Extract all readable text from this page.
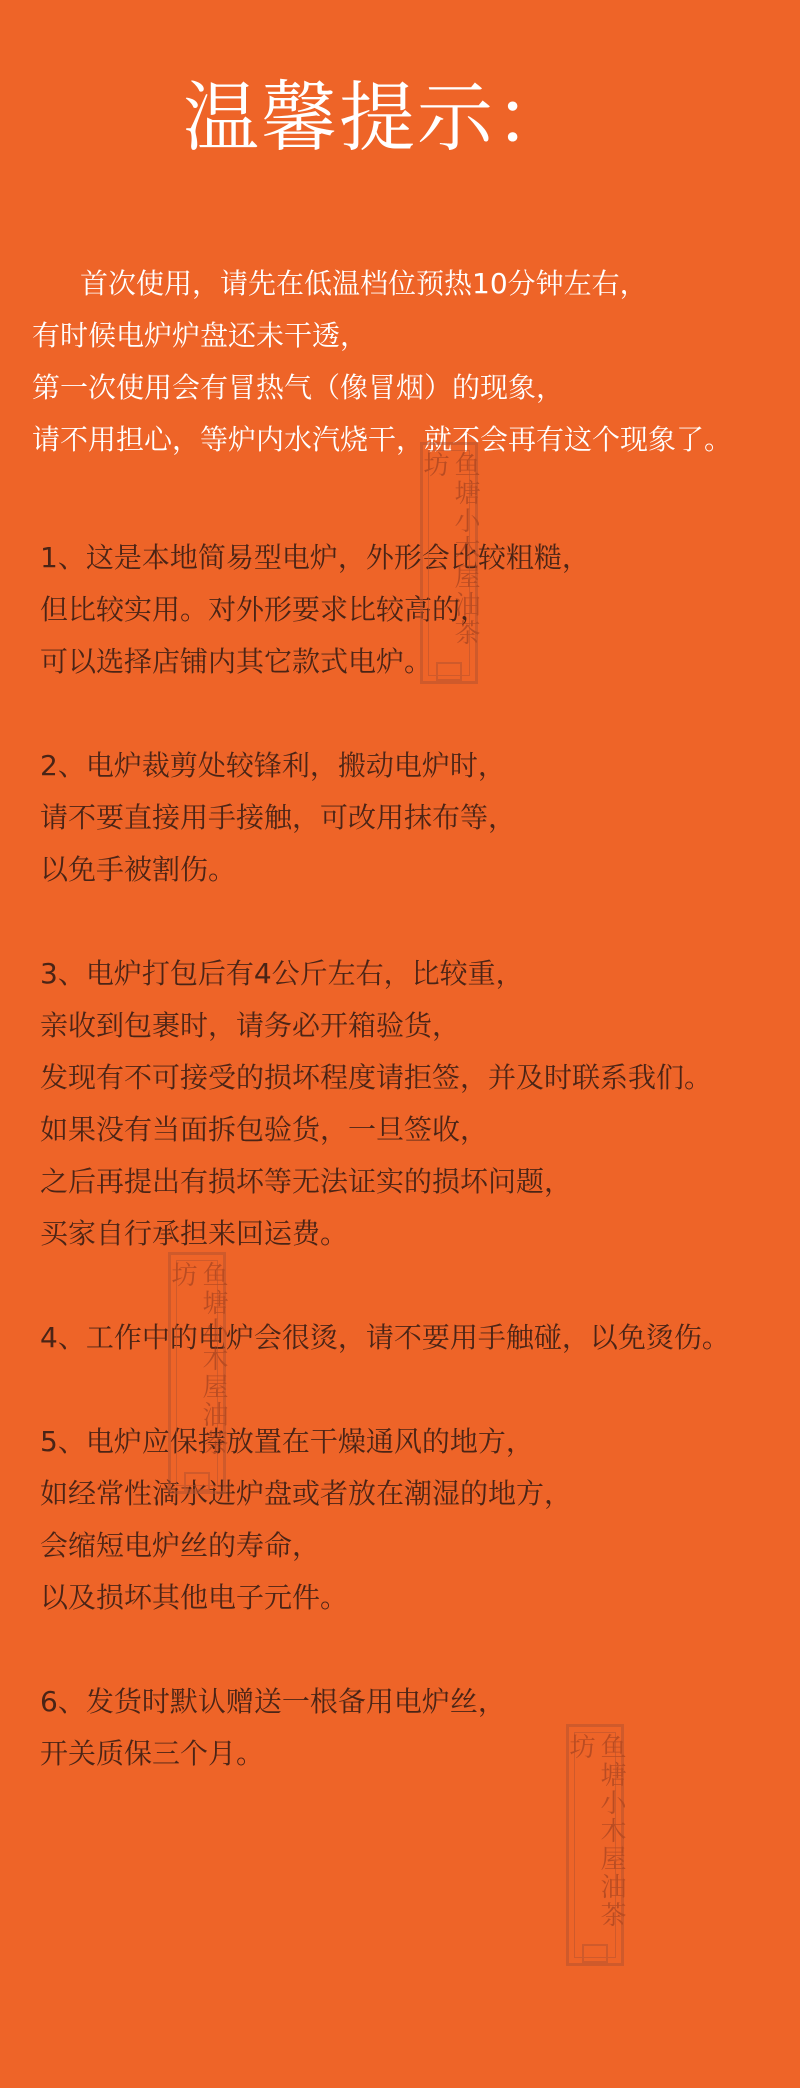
温馨提示：
首次使用，请先在低温档位预热10分钟左右，
有时候电炉炉盘还未干透，
第一次使用会有冒热气（像冒烟）的现象，
请不用担心，等炉内水汽烧干，就不会再有这个现象了。
1、这是本地简易型电炉，外形会比较粗糙，
但比较实用。对外形要求比较高的，
可以选择店铺内其它款式电炉。
2、电炉裁剪处较锋利，搬动电炉时，
请不要直接用手接触，可改用抹布等，
以免手被割伤。
3、电炉打包后有4公斤左右，比较重，
亲收到包裹时，请务必开箱验货，
发现有不可接受的损坏程度请拒签，并及时联系我们。
如果没有当面拆包验货，一旦签收，
之后再提出有损坏等无法证实的损坏问题，
买家自行承担来回运费。
4、工作中的电炉会很烫，请不要用手触碰，以免烫伤。
5、电炉应保持放置在干燥通风的地方，
如经常性滴水进炉盘或者放在潮湿的地方，
会缩短电炉丝的寿命，
以及损坏其他电子元件。
6、发货时默认赠送一根备用电炉丝，
开关质保三个月。
鱼塘小木屋油茶坊
鱼塘小木屋油茶坊
鱼塘小木屋油茶坊
